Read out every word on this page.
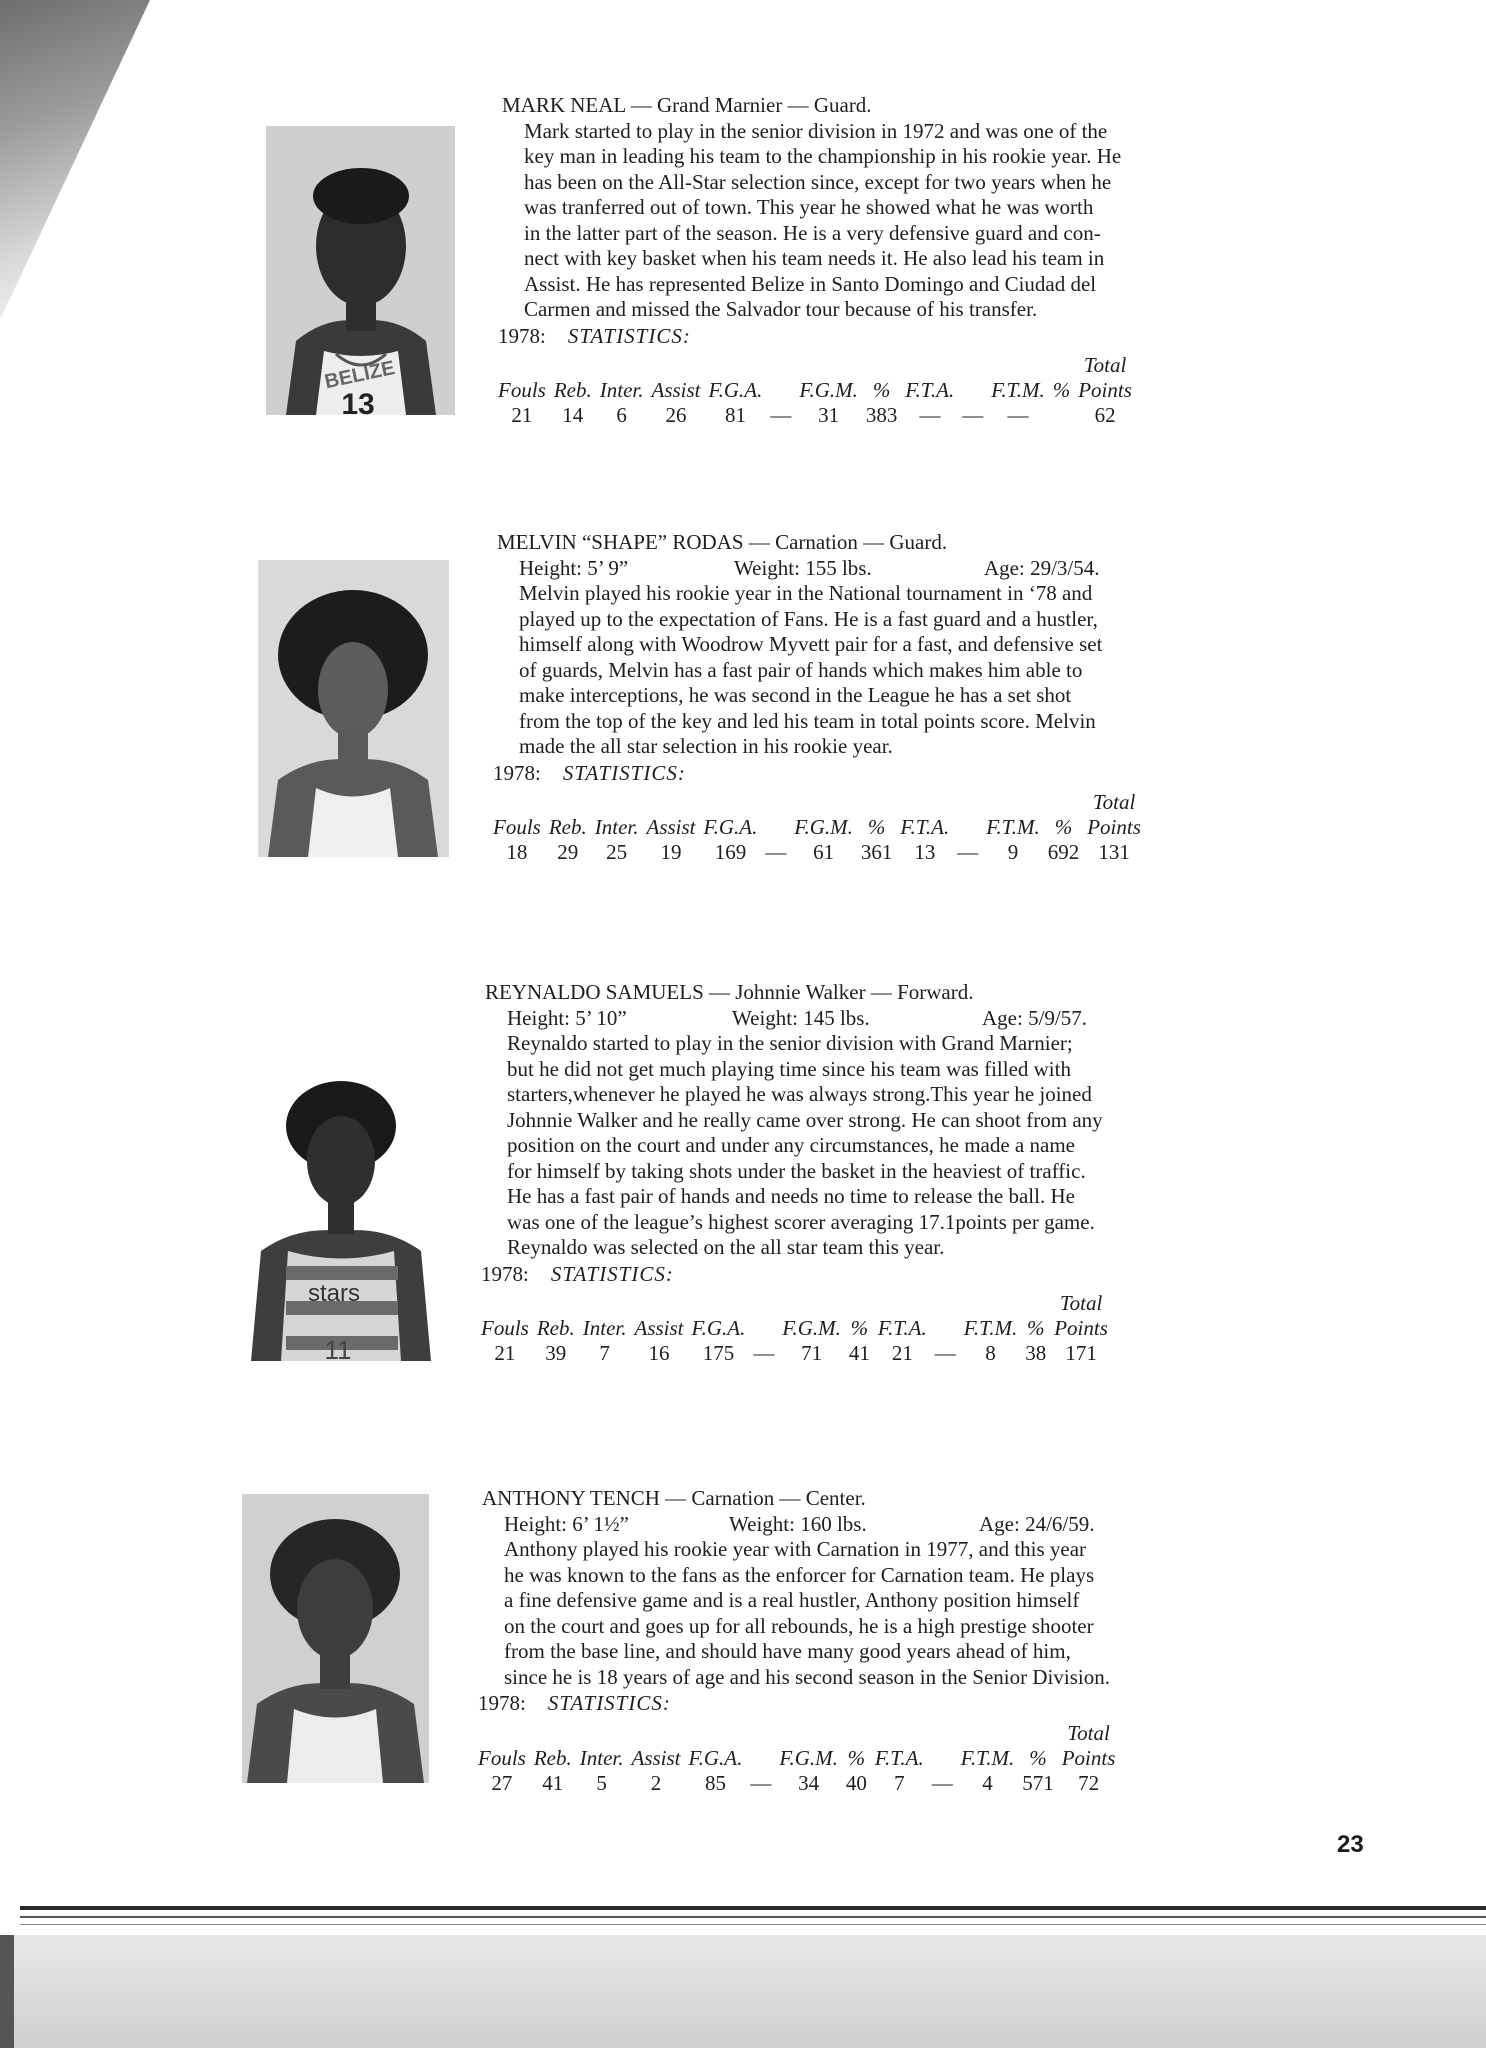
BELIZE
13
stars
11
MARK NEAL — Grand Marnier — Guard.
Mark started to play in the senior division in 1972 and was one of the
key man in leading his team to the championship in his rookie year. He
has been on the All-Star selection since, except for two years when he
was tranferred out of town. This year he showed what he was worth
in the latter part of the season. He is a very defensive guard and con-
nect with key basket when his team needs it. He also lead his team in
Assist. He has represented Belize in Santo Domingo and Ciudad del
Carmen and missed the Salvador tour because of his transfer.
1978: STATISTICS:
												Total
Fouls	Reb.	Inter.	Assist	F.G.A.		F.G.M.	%	F.T.A.		F.T.M.	%	Points
21	14	6	26	81	—	31	383	—	—	—		62
MELVIN “SHAPE” RODAS — Carnation — Guard.
Height: 5’ 9”	Weight: 155 lbs.	Age: 29/3/54.
Melvin played his rookie year in the National tournament in ‘78 and
played up to the expectation of Fans. He is a fast guard and a hustler,
himself along with Woodrow Myvett pair for a fast, and defensive set
of guards, Melvin has a fast pair of hands which makes him able to
make interceptions, he was second in the League he has a set shot
from the top of the key and led his team in total points score. Melvin
made the all star selection in his rookie year.
1978: STATISTICS:
												Total
Fouls	Reb.	Inter.	Assist	F.G.A.		F.G.M.	%	F.T.A.		F.T.M.	%	Points
18	29	25	19	169	—	61	361	13	—	9	692	131
REYNALDO SAMUELS — Johnnie Walker — Forward.
Height: 5’ 10”	Weight: 145 lbs.	Age: 5/9/57.
Reynaldo started to play in the senior division with Grand Marnier;
but he did not get much playing time since his team was filled with
starters,whenever he played he was always strong.This year he joined
Johnnie Walker and he really came over strong. He can shoot from any
position on the court and under any circumstances, he made a name
for himself by taking shots under the basket in the heaviest of traffic.
He has a fast pair of hands and needs no time to release the ball. He
was one of the league’s highest scorer averaging 17.1points per game.
Reynaldo was selected on the all star team this year.
1978: STATISTICS:
												Total
Fouls	Reb.	Inter.	Assist	F.G.A.		F.G.M.	%	F.T.A.		F.T.M.	%	Points
21	39	7	16	175	—	71	41	21	—	8	38	171
ANTHONY TENCH — Carnation — Center.
Height: 6’ 1½”	Weight: 160 lbs.	Age: 24/6/59.
Anthony played his rookie year with Carnation in 1977, and this year
he was known to the fans as the enforcer for Carnation team. He plays
a fine defensive game and is a real hustler, Anthony position himself
on the court and goes up for all rebounds, he is a high prestige shooter
from the base line, and should have many good years ahead of him,
since he is 18 years of age and his second season in the Senior Division.
1978: STATISTICS:
												Total
Fouls	Reb.	Inter.	Assist	F.G.A.		F.G.M.	%	F.T.A.		F.T.M.	%	Points
27	41	5	2	85	—	34	40	7	—	4	571	72
23
